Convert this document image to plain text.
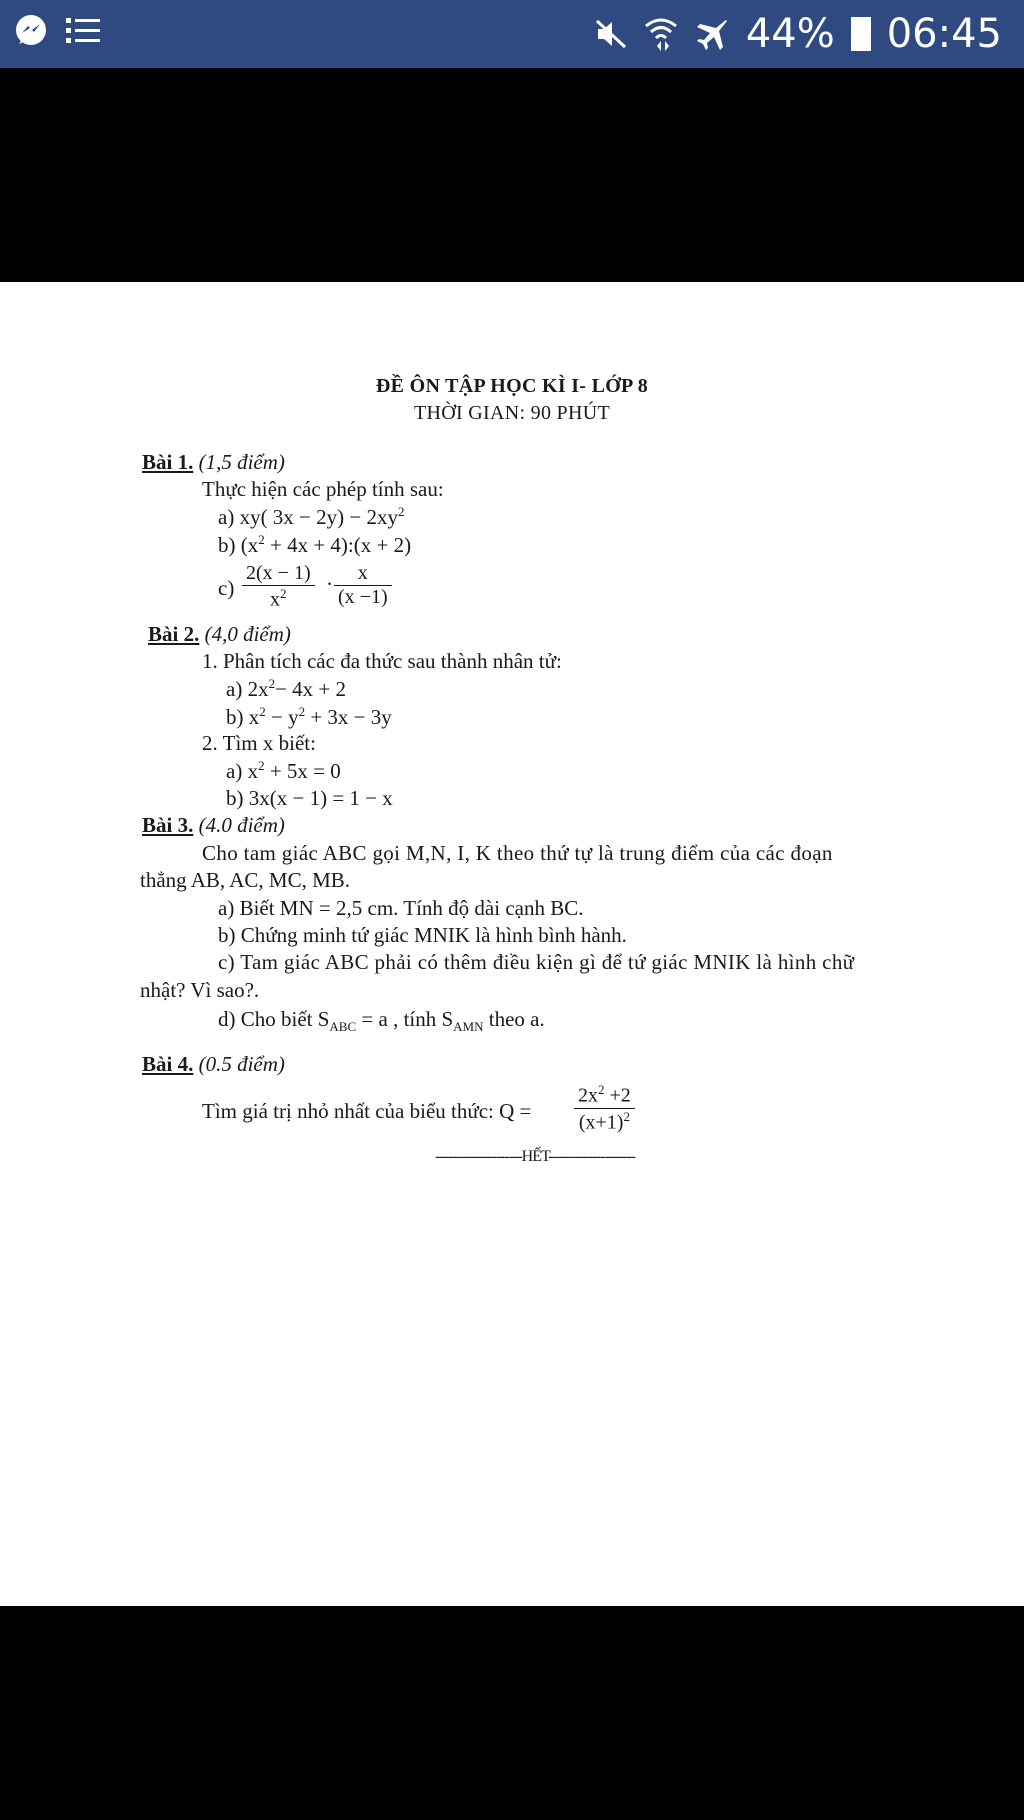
44% 06:45
ĐỀ ÔN TẬP HỌC KÌ I- LỚP 8
THỜI GIAN: 90 PHÚT
Bài 1. (1,5 điểm)
Thực hiện các phép tính sau:
a) xy( $3x - 2y) - 2xy^2$
b) ($x^2 + 4x$ + 4):(x + 2)
$c) \frac{2(x - 1)}{x^2} \cdot \frac{x}{(x -1)}$
Bài 2. (4,0 điểm)
1. Phân tích các đa thức sau thành nhân tử:
a) $2x^2- 4x + 2$
b) $x^2 - y^2 + 3x - 3y$
2. Tìm x biết:
a) $x^2 + 5x = 0$
b) 3x(x − 1) = 1 − x
Bài 3. (4.0 điểm)
Cho tam giác ABC gọi M,N, I, K theo thứ tự là trung điểm của các đoạn
thẳng AB, AC, MC, MB.
a) Biết MN = 2,5 cm. Tính độ dài cạnh BC.
b) Chứng minh tứ giác MNIK là hình bình hành.
c) Tam giác ABC phải có thêm điều kiện gì để tứ giác MNIK là hình chữ
nhật? Vì sao?.
d) Cho biết $S_{ABC} = a$ , tính $S_{AMN}$ theo a.
Bài 4. (0.5 điểm)
Tìm giá trị nhỏ nhất của biểu thức: $Q = \frac{2x^2 +2}{(x+1)^2}$
--------------------HẾT--------------------
